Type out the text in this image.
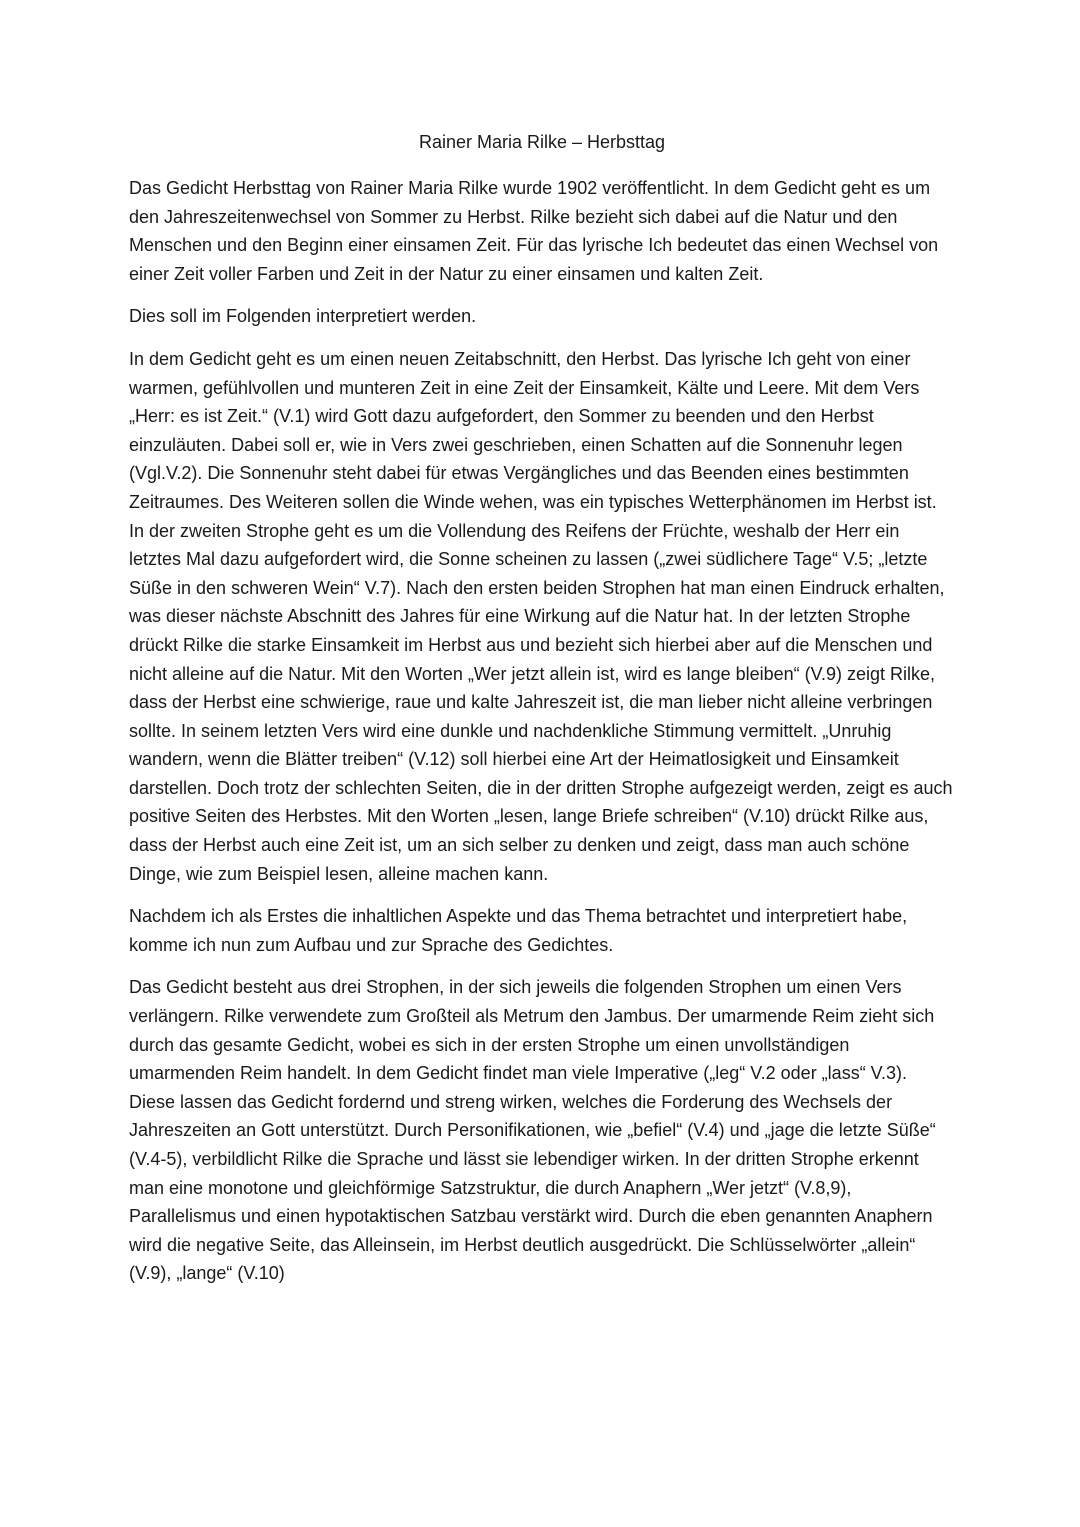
Rainer Maria Rilke – Herbsttag

Das Gedicht Herbsttag von Rainer Maria Rilke wurde 1902 veröffentlicht. In dem Gedicht geht es um den Jahreszeitenwechsel von Sommer zu Herbst. Rilke bezieht sich dabei auf die Natur und den Menschen und den Beginn einer einsamen Zeit. Für das lyrische Ich bedeutet das einen Wechsel von einer Zeit voller Farben und Zeit in der Natur zu einer einsamen und kalten Zeit.

Dies soll im Folgenden interpretiert werden.

In dem Gedicht geht es um einen neuen Zeitabschnitt, den Herbst. Das lyrische Ich geht von einer warmen, gefühlvollen und munteren Zeit in eine Zeit der Einsamkeit, Kälte und Leere. Mit dem Vers „Herr: es ist Zeit.“ (V.1) wird Gott dazu aufgefordert, den Sommer zu beenden und den Herbst einzuläuten. Dabei soll er, wie in Vers zwei geschrieben, einen Schatten auf die Sonnenuhr legen (Vgl.V.2). Die Sonnenuhr steht dabei für etwas Vergängliches und das Beenden eines bestimmten Zeitraumes. Des Weiteren sollen die Winde wehen, was ein typisches Wetterphänomen im Herbst ist. In der zweiten Strophe geht es um die Vollendung des Reifens der Früchte, weshalb der Herr ein letztes Mal dazu aufgefordert wird, die Sonne scheinen zu lassen („zwei südlichere Tage“ V.5; „letzte Süße in den schweren Wein“ V.7). Nach den ersten beiden Strophen hat man einen Eindruck erhalten, was dieser nächste Abschnitt des Jahres für eine Wirkung auf die Natur hat. In der letzten Strophe drückt Rilke die starke Einsamkeit im Herbst aus und bezieht sich hierbei aber auf die Menschen und nicht alleine auf die Natur. Mit den Worten „Wer jetzt allein ist, wird es lange bleiben“ (V.9) zeigt Rilke, dass der Herbst eine schwierige, raue und kalte Jahreszeit ist, die man lieber nicht alleine verbringen sollte. In seinem letzten Vers wird eine dunkle und nachdenkliche Stimmung vermittelt. „Unruhig wandern, wenn die Blätter treiben“ (V.12) soll hierbei eine Art der Heimatlosigkeit und Einsamkeit darstellen. Doch trotz der schlechten Seiten, die in der dritten Strophe aufgezeigt werden, zeigt es auch positive Seiten des Herbstes. Mit den Worten „lesen, lange Briefe schreiben“ (V.10) drückt Rilke aus, dass der Herbst auch eine Zeit ist, um an sich selber zu denken und zeigt, dass man auch schöne Dinge, wie zum Beispiel lesen, alleine machen kann.

Nachdem ich als Erstes die inhaltlichen Aspekte und das Thema betrachtet und interpretiert habe, komme ich nun zum Aufbau und zur Sprache des Gedichtes.

Das Gedicht besteht aus drei Strophen, in der sich jeweils die folgenden Strophen um einen Vers verlängern. Rilke verwendete zum Großteil als Metrum den Jambus. Der umarmende Reim zieht sich durch das gesamte Gedicht, wobei es sich in der ersten Strophe um einen unvollständigen umarmenden Reim handelt. In dem Gedicht findet man viele Imperative („leg“ V.2 oder „lass“ V.3). Diese lassen das Gedicht fordernd und streng wirken, welches die Forderung des Wechsels der Jahreszeiten an Gott unterstützt. Durch Personifikationen, wie „befiel“ (V.4) und „jage die letzte Süße“ (V.4-5), verbildlicht Rilke die Sprache und lässt sie lebendiger wirken. In der dritten Strophe erkennt man eine monotone und gleichförmige Satzstruktur, die durch Anaphern „Wer jetzt“ (V.8,9), Parallelismus und einen hypotaktischen Satzbau verstärkt wird. Durch die eben genannten Anaphern wird die negative Seite, das Alleinsein, im Herbst deutlich ausgedrückt. Die Schlüsselwörter „allein“ (V.9), „lange“ (V.10)
